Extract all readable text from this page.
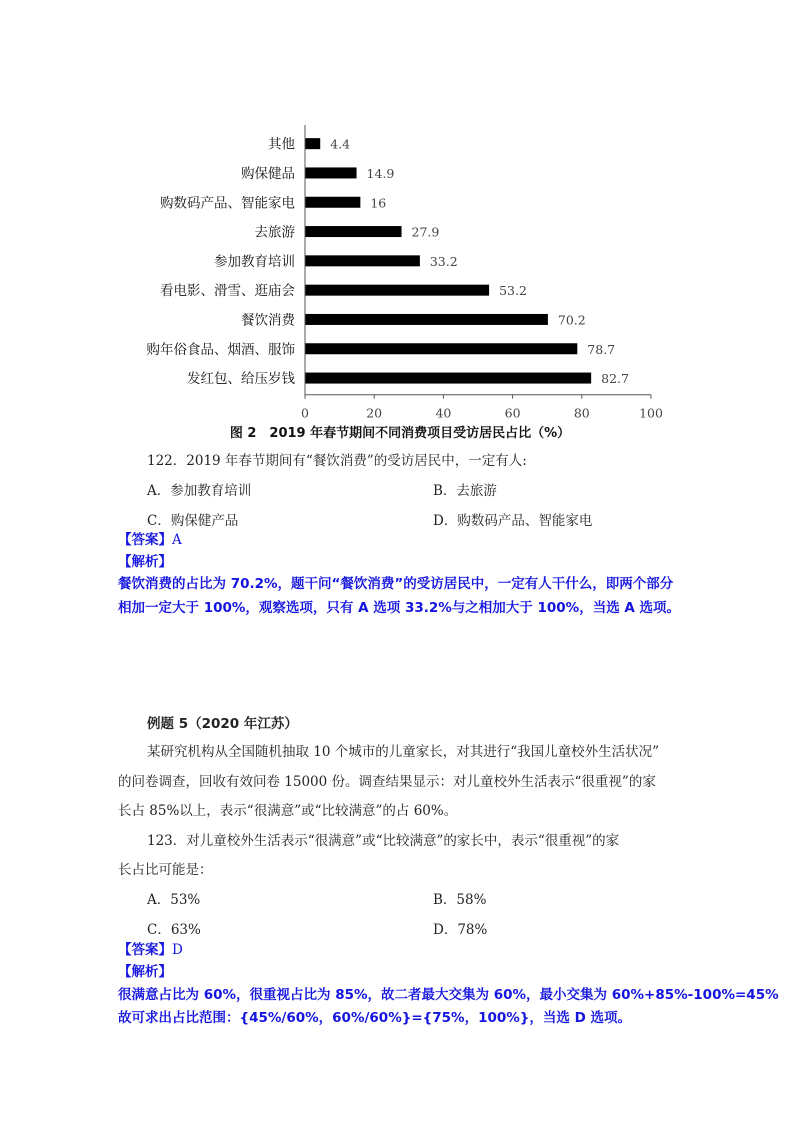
其他
购保健品
购数码产品、智能家电
去旅游
参加教育培训
看电影、滑雪、逛庙会
餐饮消费
购年俗食品、烟酒、服饰
发红包、给压岁钱
4.4
14.9
16
27.9
33.2
53.2
70.2
78.7
82.7
0	20	40	60	80	100
图 2　2019 年春节期间不同消费项目受访居民占比（%）
122．2019 年春节期间有“餐饮消费”的受访居民中，一定有人:
A．参加教育培训	B．去旅游
C．购保健产品	D．购数码产品、智能家电
【答案】A
【解析】
餐饮消费的占比为 70.2%，题干问“餐饮消费”的受访居民中，一定有人干什么，即两个部分
相加一定大于 100%，观察选项，只有 A 选项 33.2%与之相加大于 100%，当选 A 选项。
例题 5（2020 年江苏）
某研究机构从全国随机抽取 10 个城市的儿童家长，对其进行“我国儿童校外生活状况”
的问卷调查，回收有效问卷 15000 份。调查结果显示：对儿童校外生活表示“很重视”的家
长占 85%以上，表示“很满意”或“比较满意”的占 60%。
123．对儿童校外生活表示“很满意”或“比较满意”的家长中，表示“很重视”的家
长占比可能是：
A．53%	B．58%
C．63%	D．78%
【答案】D
【解析】
很满意占比为 60%，很重视占比为 85%，故二者最大交集为 60%，最小交集为 60%+85%-100%=45%
故可求出占比范围：{45%/60%，60%/60%}={75%，100%}，当选 D 选项。
